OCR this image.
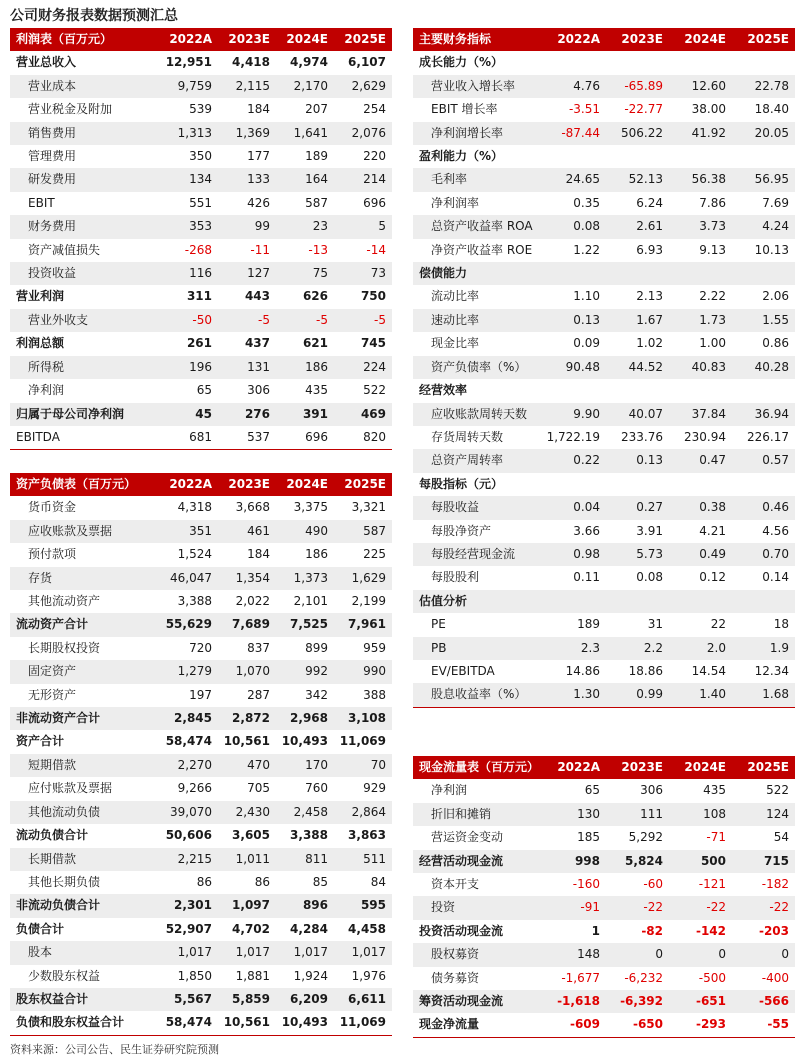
公司财务报表数据预测汇总
利润表（百万元）	2022A	2023E	2024E	2025E
营业总收入	12,951	4,418	4,974	6,107
营业成本	9,759	2,115	2,170	2,629
营业税金及附加	539	184	207	254
销售费用	1,313	1,369	1,641	2,076
管理费用	350	177	189	220
研发费用	134	133	164	214
EBIT	551	426	587	696
财务费用	353	99	23	5
资产减值损失	-268	-11	-13	-14
投资收益	116	127	75	73
营业利润	311	443	626	750
营业外收支	-50	-5	-5	-5
利润总额	261	437	621	745
所得税	196	131	186	224
净利润	65	306	435	522
归属于母公司净利润	45	276	391	469
EBITDA	681	537	696	820
主要财务指标	2022A	2023E	2024E	2025E
成长能力（%）				
营业收入增长率	4.76	-65.89	12.60	22.78
EBIT 增长率	-3.51	-22.77	38.00	18.40
净利润增长率	-87.44	506.22	41.92	20.05
盈利能力（%）				
毛利率	24.65	52.13	56.38	56.95
净利润率	0.35	6.24	7.86	7.69
总资产收益率 ROA	0.08	2.61	3.73	4.24
净资产收益率 ROE	1.22	6.93	9.13	10.13
偿债能力				
流动比率	1.10	2.13	2.22	2.06
速动比率	0.13	1.67	1.73	1.55
现金比率	0.09	1.02	1.00	0.86
资产负债率（%）	90.48	44.52	40.83	40.28
经营效率				
应收账款周转天数	9.90	40.07	37.84	36.94
存货周转天数	1,722.19	233.76	230.94	226.17
总资产周转率	0.22	0.13	0.47	0.57
每股指标（元）				
每股收益	0.04	0.27	0.38	0.46
每股净资产	3.66	3.91	4.21	4.56
每股经营现金流	0.98	5.73	0.49	0.70
每股股利	0.11	0.08	0.12	0.14
估值分析				
PE	189	31	22	18
PB	2.3	2.2	2.0	1.9
EV/EBITDA	14.86	18.86	14.54	12.34
股息收益率（%）	1.30	0.99	1.40	1.68
资产负债表（百万元）	2022A	2023E	2024E	2025E
货币资金	4,318	3,668	3,375	3,321
应收账款及票据	351	461	490	587
预付款项	1,524	184	186	225
存货	46,047	1,354	1,373	1,629
其他流动资产	3,388	2,022	2,101	2,199
流动资产合计	55,629	7,689	7,525	7,961
长期股权投资	720	837	899	959
固定资产	1,279	1,070	992	990
无形资产	197	287	342	388
非流动资产合计	2,845	2,872	2,968	3,108
资产合计	58,474	10,561	10,493	11,069
短期借款	2,270	470	170	70
应付账款及票据	9,266	705	760	929
其他流动负债	39,070	2,430	2,458	2,864
流动负债合计	50,606	3,605	3,388	3,863
长期借款	2,215	1,011	811	511
其他长期负债	86	86	85	84
非流动负债合计	2,301	1,097	896	595
负债合计	52,907	4,702	4,284	4,458
股本	1,017	1,017	1,017	1,017
少数股东权益	1,850	1,881	1,924	1,976
股东权益合计	5,567	5,859	6,209	6,611
负债和股东权益合计	58,474	10,561	10,493	11,069
现金流量表（百万元）	2022A	2023E	2024E	2025E
净利润	65	306	435	522
折旧和摊销	130	111	108	124
营运资金变动	185	5,292	-71	54
经营活动现金流	998	5,824	500	715
资本开支	-160	-60	-121	-182
投资	-91	-22	-22	-22
投资活动现金流	1	-82	-142	-203
股权募资	148	0	0	0
债务募资	-1,677	-6,232	-500	-400
筹资活动现金流	-1,618	-6,392	-651	-566
现金净流量	-609	-650	-293	-55
资料来源：公司公告、民生证券研究院预测
